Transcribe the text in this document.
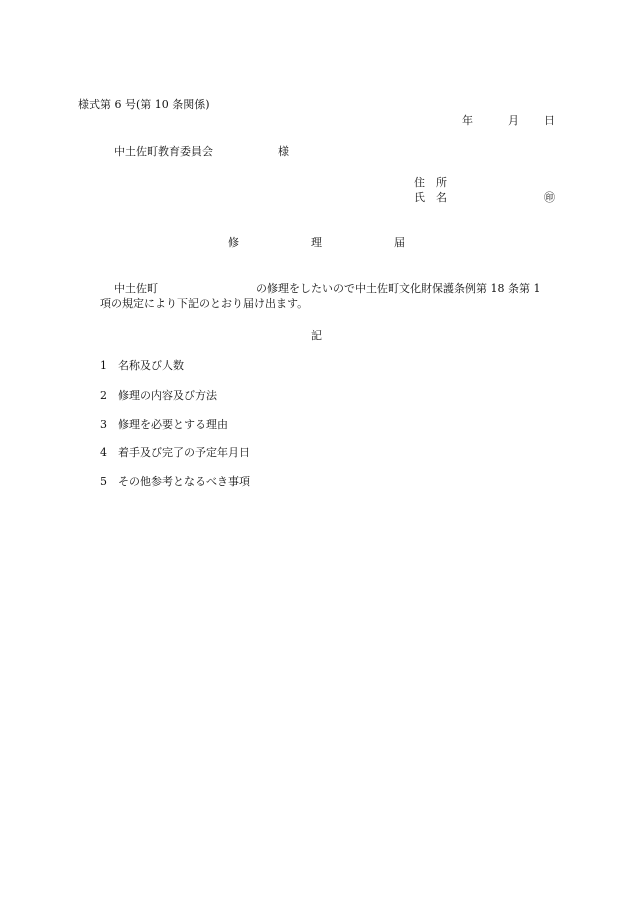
様式第 6 号(第 10 条関係)
年	月 日
中土佐町教育委員会	様
住　所
氏　名	㊞
修	理	届
中土佐町	の修理をしたいので中土佐町文化財保護条例第 18 条第 1
項の規定により下記のとおり届け出ます。
記
1 名称及び人数
2 修理の内容及び方法
3 修理を必要とする理由
4 着手及び完了の予定年月日
5 その他参考となるべき事項
